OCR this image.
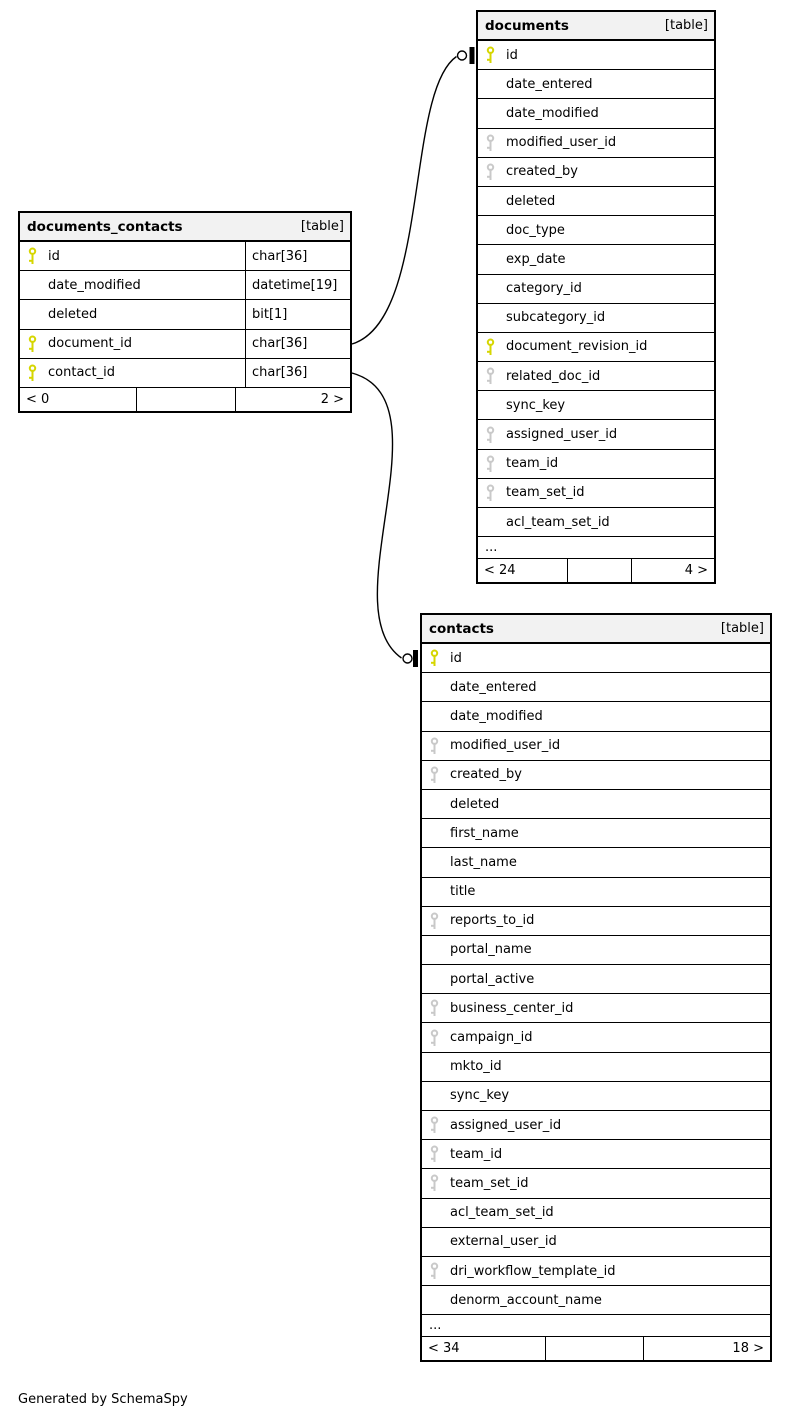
documents_contacts	[table]
id	char[36]
date_modified	datetime[19]
deleted	bit[1]
document_id	char[36]
contact_id	char[36]
< 0	2 >
documents	[table]
id
date_entered
date_modified
modified_user_id
created_by
deleted
doc_type
exp_date
category_id
subcategory_id
document_revision_id
related_doc_id
sync_key
assigned_user_id
team_id
team_set_id
acl_team_set_id
...
< 24	4 >
contacts	[table]
id
date_entered
date_modified
modified_user_id
created_by
deleted
first_name
last_name
title
reports_to_id
portal_name
portal_active
business_center_id
campaign_id
mkto_id
sync_key
assigned_user_id
team_id
team_set_id
acl_team_set_id
external_user_id
dri_workflow_template_id
denorm_account_name
...
< 34	18 >
Generated by SchemaSpy
